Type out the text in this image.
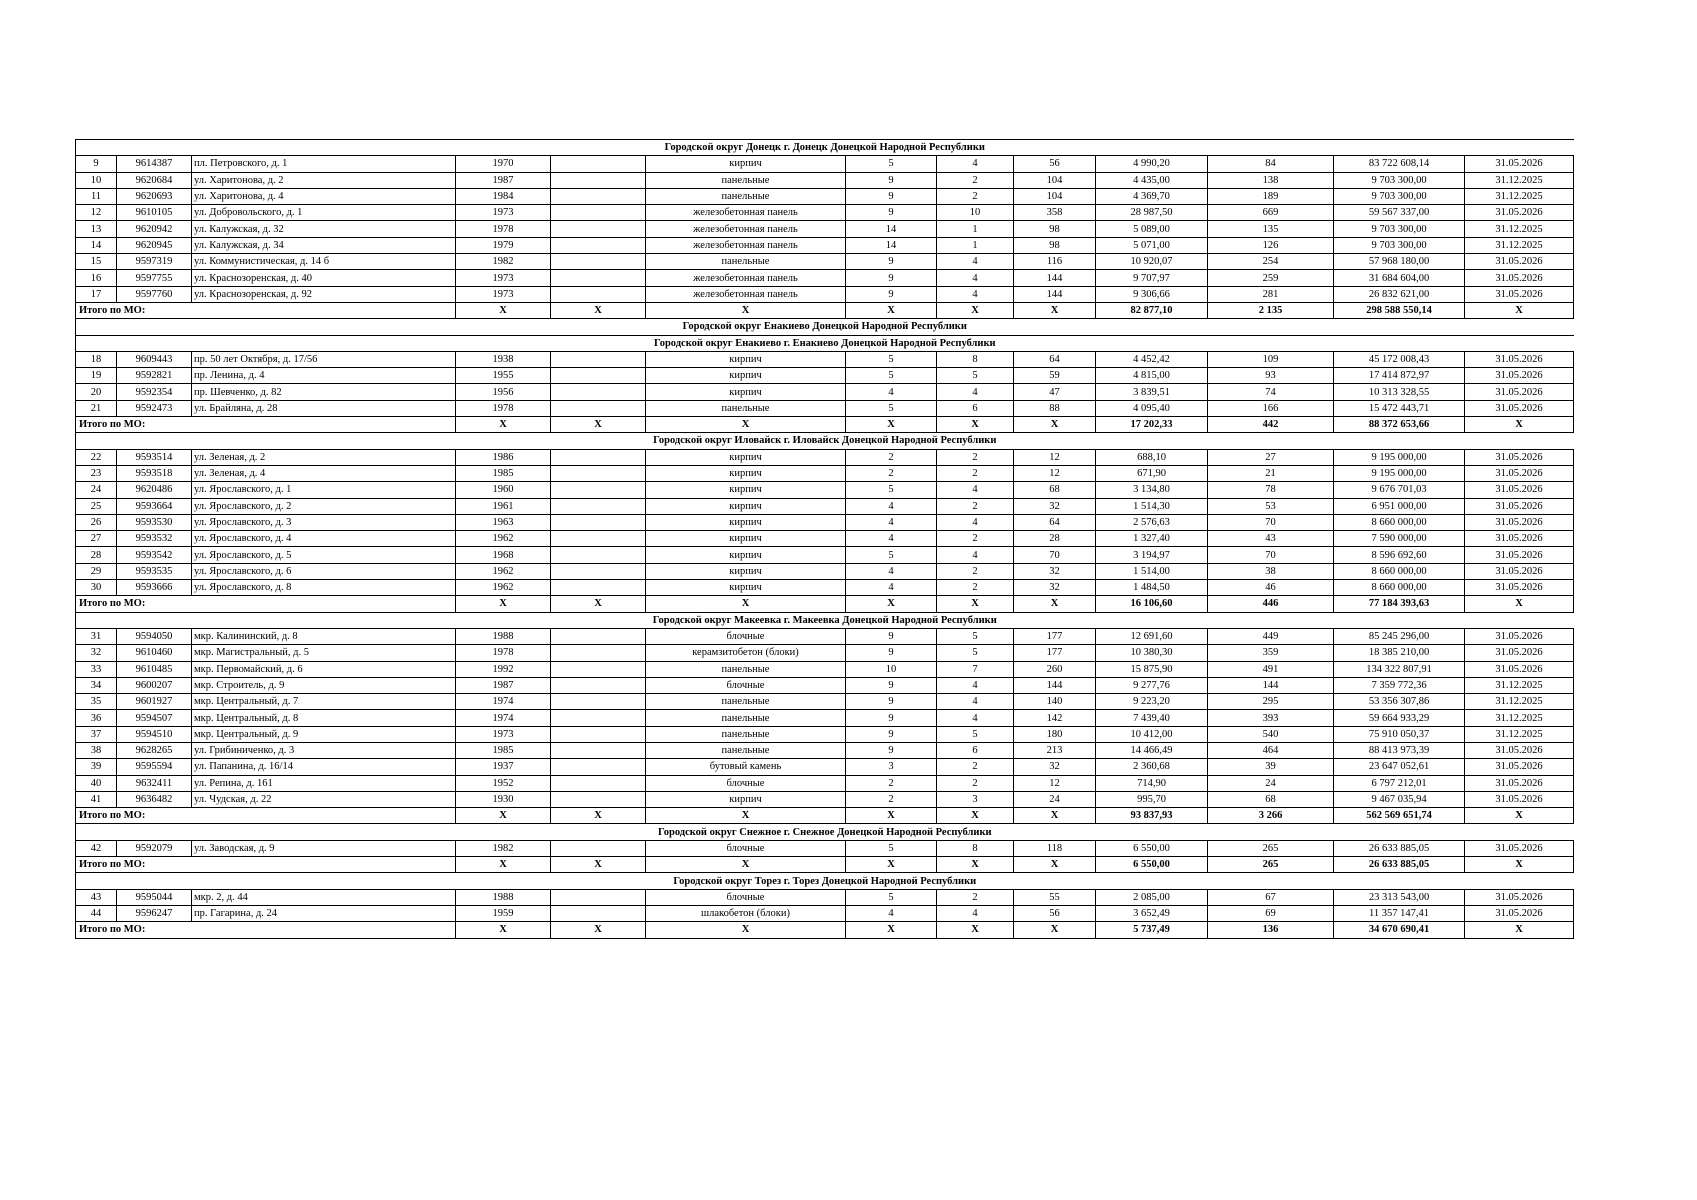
Городской округ Донецк г. Донецк Донецкой Народной Республики												
9	9614387	пл. Петровского, д. 1	1970		кирпич	5	4	56	4 990,20	84	83 722 608,14	31.05.2026
10	9620684	ул. Харитонова, д. 2	1987		панельные	9	2	104	4 435,00	138	9 703 300,00	31.12.2025
11	9620693	ул. Харитонова, д. 4	1984		панельные	9	2	104	4 369,70	189	9 703 300,00	31.12.2025
12	9610105	ул. Добровольского, д. 1	1973		железобетонная панель	9	10	358	28 987,50	669	59 567 337,00	31.05.2026
13	9620942	ул. Калужская, д. 32	1978		железобетонная панель	14	1	98	5 089,00	135	9 703 300,00	31.12.2025
14	9620945	ул. Калужская, д. 34	1979		железобетонная панель	14	1	98	5 071,00	126	9 703 300,00	31.12.2025
15	9597319	ул. Коммунистическая, д. 14 б	1982		панельные	9	4	116	10 920,07	254	57 968 180,00	31.05.2026
16	9597755	ул. Краснозоренская, д. 40	1973		железобетонная панель	9	4	144	9 707,97	259	31 684 604,00	31.05.2026
17	9597760	ул. Краснозоренская, д. 92	1973		железобетонная панель	9	4	144	9 306,66	281	26 832 621,00	31.05.2026
Итого по МО:			X	X	X	X	X	X	82 877,10	2 135	298 588 550,14	X
Городской округ Енакиево Донецкой Народной Республики												
Городской округ Енакиево г. Енакиево Донецкой Народной Республики												
18	9609443	пр. 50 лет Октября, д. 17/56	1938		кирпич	5	8	64	4 452,42	109	45 172 008,43	31.05.2026
19	9592821	пр. Ленина, д. 4	1955		кирпич	5	5	59	4 815,00	93	17 414 872,97	31.05.2026
20	9592354	пр. Шевченко, д. 82	1956		кирпич	4	4	47	3 839,51	74	10 313 328,55	31.05.2026
21	9592473	ул. Брайляна, д. 28	1978		панельные	5	6	88	4 095,40	166	15 472 443,71	31.05.2026
Итого по МО:			X	X	X	X	X	X	17 202,33	442	88 372 653,66	X
Городской округ Иловайск г. Иловайск Донецкой Народной Республики												
22	9593514	ул. Зеленая, д. 2	1986		кирпич	2	2	12	688,10	27	9 195 000,00	31.05.2026
23	9593518	ул. Зеленая, д. 4	1985		кирпич	2	2	12	671,90	21	9 195 000,00	31.05.2026
24	9620486	ул. Ярославского, д. 1	1960		кирпич	5	4	68	3 134,80	78	9 676 701,03	31.05.2026
25	9593664	ул. Ярославского, д. 2	1961		кирпич	4	2	32	1 514,30	53	6 951 000,00	31.05.2026
26	9593530	ул. Ярославского, д. 3	1963		кирпич	4	4	64	2 576,63	70	8 660 000,00	31.05.2026
27	9593532	ул. Ярославского, д. 4	1962		кирпич	4	2	28	1 327,40	43	7 590 000,00	31.05.2026
28	9593542	ул. Ярославского, д. 5	1968		кирпич	5	4	70	3 194,97	70	8 596 692,60	31.05.2026
29	9593535	ул. Ярославского, д. 6	1962		кирпич	4	2	32	1 514,00	38	8 660 000,00	31.05.2026
30	9593666	ул. Ярославского, д. 8	1962		кирпич	4	2	32	1 484,50	46	8 660 000,00	31.05.2026
Итого по МО:			X	X	X	X	X	X	16 106,60	446	77 184 393,63	X
Городской округ Макеевка г. Макеевка Донецкой Народной Республики												
31	9594050	мкр. Калининский, д. 8	1988		блочные	9	5	177	12 691,60	449	85 245 296,00	31.05.2026
32	9610460	мкр. Магистральный, д. 5	1978		керамзитобетон (блоки)	9	5	177	10 380,30	359	18 385 210,00	31.05.2026
33	9610485	мкр. Первомайский, д. 6	1992		панельные	10	7	260	15 875,90	491	134 322 807,91	31.05.2026
34	9600207	мкр. Строитель, д. 9	1987		блочные	9	4	144	9 277,76	144	7 359 772,36	31.12.2025
35	9601927	мкр. Центральный, д. 7	1974		панельные	9	4	140	9 223,20	295	53 356 307,86	31.12.2025
36	9594507	мкр. Центральный, д. 8	1974		панельные	9	4	142	7 439,40	393	59 664 933,29	31.12.2025
37	9594510	мкр. Центральный, д. 9	1973		панельные	9	5	180	10 412,00	540	75 910 050,37	31.12.2025
38	9628265	ул. Грибиниченко, д. 3	1985		панельные	9	6	213	14 466,49	464	88 413 973,39	31.05.2026
39	9595594	ул. Папанина, д. 16/14	1937		бутовый камень	3	2	32	2 360,68	39	23 647 052,61	31.05.2026
40	9632411	ул. Репина, д. 161	1952		блочные	2	2	12	714,90	24	6 797 212,01	31.05.2026
41	9636482	ул. Чудская, д. 22	1930		кирпич	2	3	24	995,70	68	9 467 035,94	31.05.2026
Итого по МО:			X	X	X	X	X	X	93 837,93	3 266	562 569 651,74	X
Городской округ Снежное г. Снежное Донецкой Народной Республики												
42	9592079	ул. Заводская, д. 9	1982		блочные	5	8	118	6 550,00	265	26 633 885,05	31.05.2026
Итого по МО:			X	X	X	X	X	X	6 550,00	265	26 633 885,05	X
Городской округ Торез г. Торез Донецкой Народной Республики												
43	9595044	мкр. 2, д. 44	1988		блочные	5	2	55	2 085,00	67	23 313 543,00	31.05.2026
44	9596247	пр. Гагарина, д. 24	1959		шлакобетон (блоки)	4	4	56	3 652,49	69	11 357 147,41	31.05.2026
Итого по МО:			X	X	X	X	X	X	5 737,49	136	34 670 690,41	X
